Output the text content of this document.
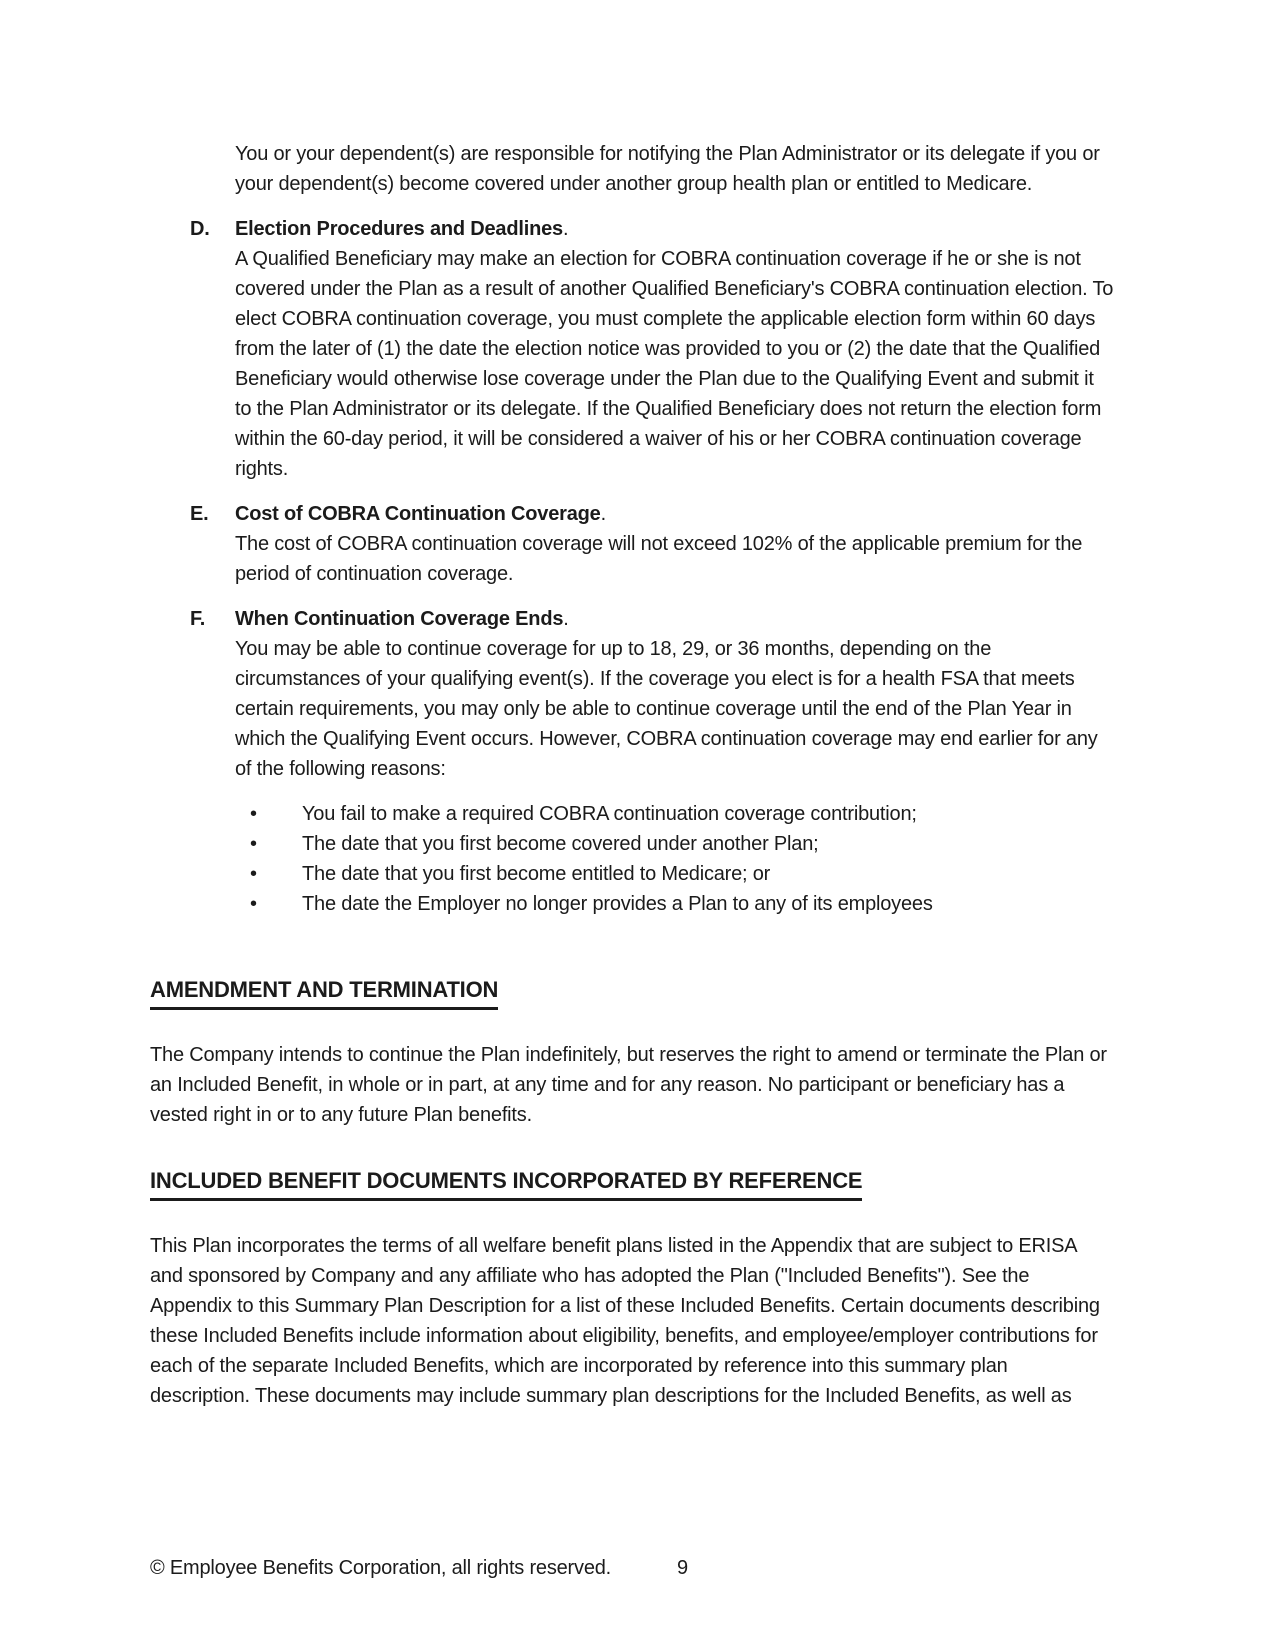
You or your dependent(s) are responsible for notifying the Plan Administrator or its delegate if you or your dependent(s) become covered under another group health plan or entitled to Medicare.

D.	Election Procedures and Deadlines.

A Qualified Beneficiary may make an election for COBRA continuation coverage if he or she is not covered under the Plan as a result of another Qualified Beneficiary's COBRA continuation election. To elect COBRA continuation coverage, you must complete the applicable election form within 60 days from the later of (1) the date the election notice was provided to you or (2) the date that the Qualified Beneficiary would otherwise lose coverage under the Plan due to the Qualifying Event and submit it to the Plan Administrator or its delegate. If the Qualified Beneficiary does not return the election form within the 60-day period, it will be considered a waiver of his or her COBRA continuation coverage rights.

E.	Cost of COBRA Continuation Coverage.

The cost of COBRA continuation coverage will not exceed 102% of the applicable premium for the period of continuation coverage.

F.	When Continuation Coverage Ends.

You may be able to continue coverage for up to 18, 29, or 36 months, depending on the circumstances of your qualifying event(s). If the coverage you elect is for a health FSA that meets certain requirements, you may only be able to continue coverage until the end of the Plan Year in which the Qualifying Event occurs. However, COBRA continuation coverage may end earlier for any of the following reasons:

•	You fail to make a required COBRA continuation coverage contribution;
•	The date that you first become covered under another Plan;
•	The date that you first become entitled to Medicare; or
•	The date the Employer no longer provides a Plan to any of its employees
AMENDMENT AND TERMINATION

The Company intends to continue the Plan indefinitely, but reserves the right to amend or terminate the Plan or an Included Benefit, in whole or in part, at any time and for any reason. No participant or beneficiary has a vested right in or to any future Plan benefits.

INCLUDED BENEFIT DOCUMENTS INCORPORATED BY REFERENCE

This Plan incorporates the terms of all welfare benefit plans listed in the Appendix that are subject to ERISA and sponsored by Company and any affiliate who has adopted the Plan ("Included Benefits"). See the Appendix to this Summary Plan Description for a list of these Included Benefits. Certain documents describing these Included Benefits include information about eligibility, benefits, and employee/employer contributions for each of the separate Included Benefits, which are incorporated by reference into this summary plan description. These documents may include summary plan descriptions for the Included Benefits, as well as

© Employee Benefits Corporation, all rights reserved.	9
